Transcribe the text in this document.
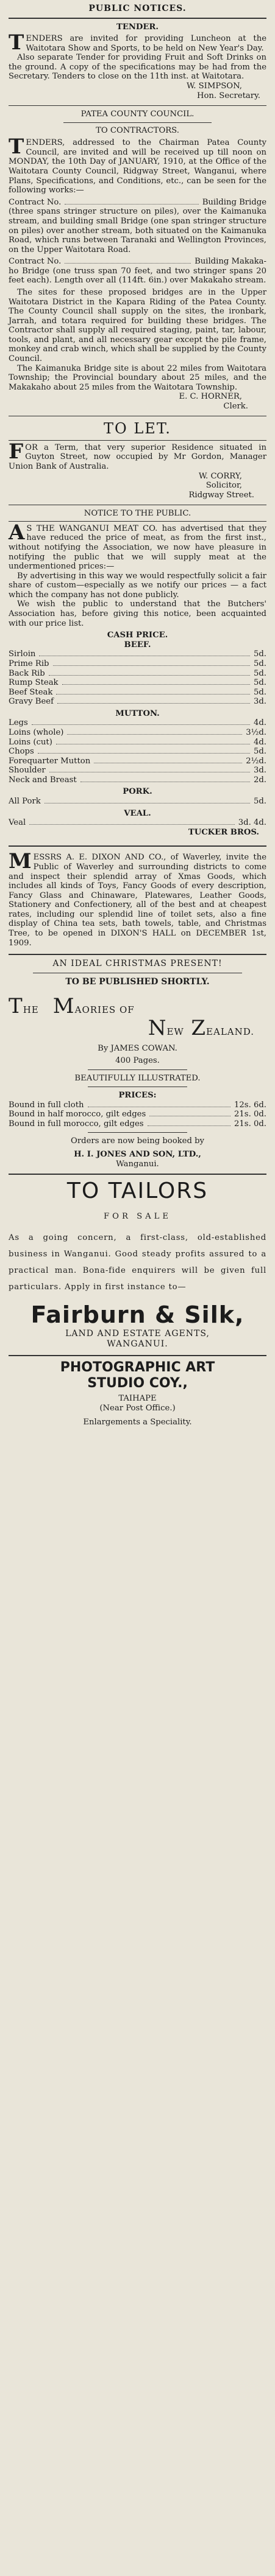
PUBLIC NOTICES.
TENDER.
T ENDERS are invited for providing Luncheon at the Waitotara Show and Sports, to be held on New Year's Day.

Also separate Tender for providing Fruit and Soft Drinks on the ground. A copy of the specifications may be had from the Secretary. Tenders to close on the 11th inst. at Waitotara.

W. SIMPSON,
Hon. Secretary.
PATEA COUNTY COUNCIL.
TO CONTRACTORS.
T ENDERS, addressed to the Chairman Patea County Council, are invited and will be received up till noon on MONDAY, the 10th Day of JANUARY, 1910, at the Office of the Waitotara County Council, Ridgway Street, Wanganui, where Plans, Specifications, and Conditions, etc., can be seen for the following works:—

Contract No.	Building Bridge

(three spans stringer structure on piles), over the Kaimanuka stream, and building small Bridge (one span stringer structure on piles) over another stream, both situated on the Kaimanuka Road, which runs between Taranaki and Wellington Provinces, on the Upper Waitotara Road.

Contract No.	Building Makaka-

ho Bridge (one truss span 70 feet, and two stringer spans 20 feet each). Length over all (114ft. 6in.) over Makakaho stream.

The sites for these proposed bridges are in the Upper Waitotara District in the Kapara Riding of the Patea County. The County Council shall supply on the sites, the ironbark, Jarrah, and totara required for building these bridges. The Contractor shall supply all required staging, paint, tar, labour, tools, and plant, and all necessary gear except the pile frame, monkey and crab winch, which shall be supplied by the County Council.

The Kaimanuka Bridge site is about 22 miles from Waitotara Township; the Provincial boundary about 25 miles, and the Makakaho about 25 miles from the Waitotara Township.

E. C. HORNER,
Clerk.
TO LET.
F OR a Term, that very superior Residence situated in Guyton Street, now occupied by Mr Gordon, Manager Union Bank of Australia.

W. CORRY,
Solicitor,
Ridgway Street.
NOTICE TO THE PUBLIC.
A S THE WANGANUI MEAT CO. has advertised that they have reduced the price of meat, as from the first inst., without notifying the Association, we now have pleasure in notifying the public that we will supply meat at the undermentioned prices:—

By advertising in this way we would respectfully solicit a fair share of custom—especially as we notify our prices — a fact which the company has not done publicly.

We wish the public to understand that the Butchers' Association has, before giving this notice, been acquainted with our price list.

CASH PRICE.
BEEF.
Sirloin	5d.
Prime Rib	5d.
Back Rib	5d.
Rump Steak	5d.
Beef Steak	5d.
Gravy Beef	3d.
MUTTON.
Legs	4d.
Loins (whole)	3½d.
Loins (cut)	4d.
Chops	5d.
Forequarter Mutton	2½d.
Shoulder	3d.
Neck and Breast	2d.
PORK.
All Pork	5d.
VEAL.
Veal	3d. 4d.
TUCKER BROS.
M ESSRS A. E. DIXON AND CO., of Waverley, invite the Public of Waverley and surrounding districts to come and inspect their splendid array of Xmas Goods, which includes all kinds of Toys, Fancy Goods of every description, Fancy Glass and Chinaware, Platewares, Leather Goods, Stationery and Confectionery, all of the best and at cheapest rates, including our splendid line of toilet sets, also a fine display of China tea sets, bath towels, table, and Christmas Tree, to be opened in DIXON'S HALL on DECEMBER 1st, 1909.

AN IDEAL CHRISTMAS PRESENT!
TO BE PUBLISHED SHORTLY.
THE MAORIES OF
NEW ZEALAND.
By JAMES COWAN.
400 Pages.
BEAUTIFULLY ILLUSTRATED.
PRICES:
Bound in full cloth	12s. 6d.
Bound in half morocco, gilt edges	21s. 0d.
Bound in full morocco, gilt edges	21s. 0d.
Orders are now being booked by
H. I. JONES AND SON, LTD.,
Wanganui.
TO TAILORS
FOR SALE

As a going concern, a first-class, old-established business in Wanganui. Good steady profits assured to a practical man. Bona-fide enquirers will be given full particulars. Apply in first instance to—

Fairburn & Silk,
LAND AND ESTATE AGENTS,
WANGANUI.
PHOTOGRAPHIC ART
STUDIO COY.,
TAIHAPE
(Near Post Office.)
Enlargements a Speciality.
